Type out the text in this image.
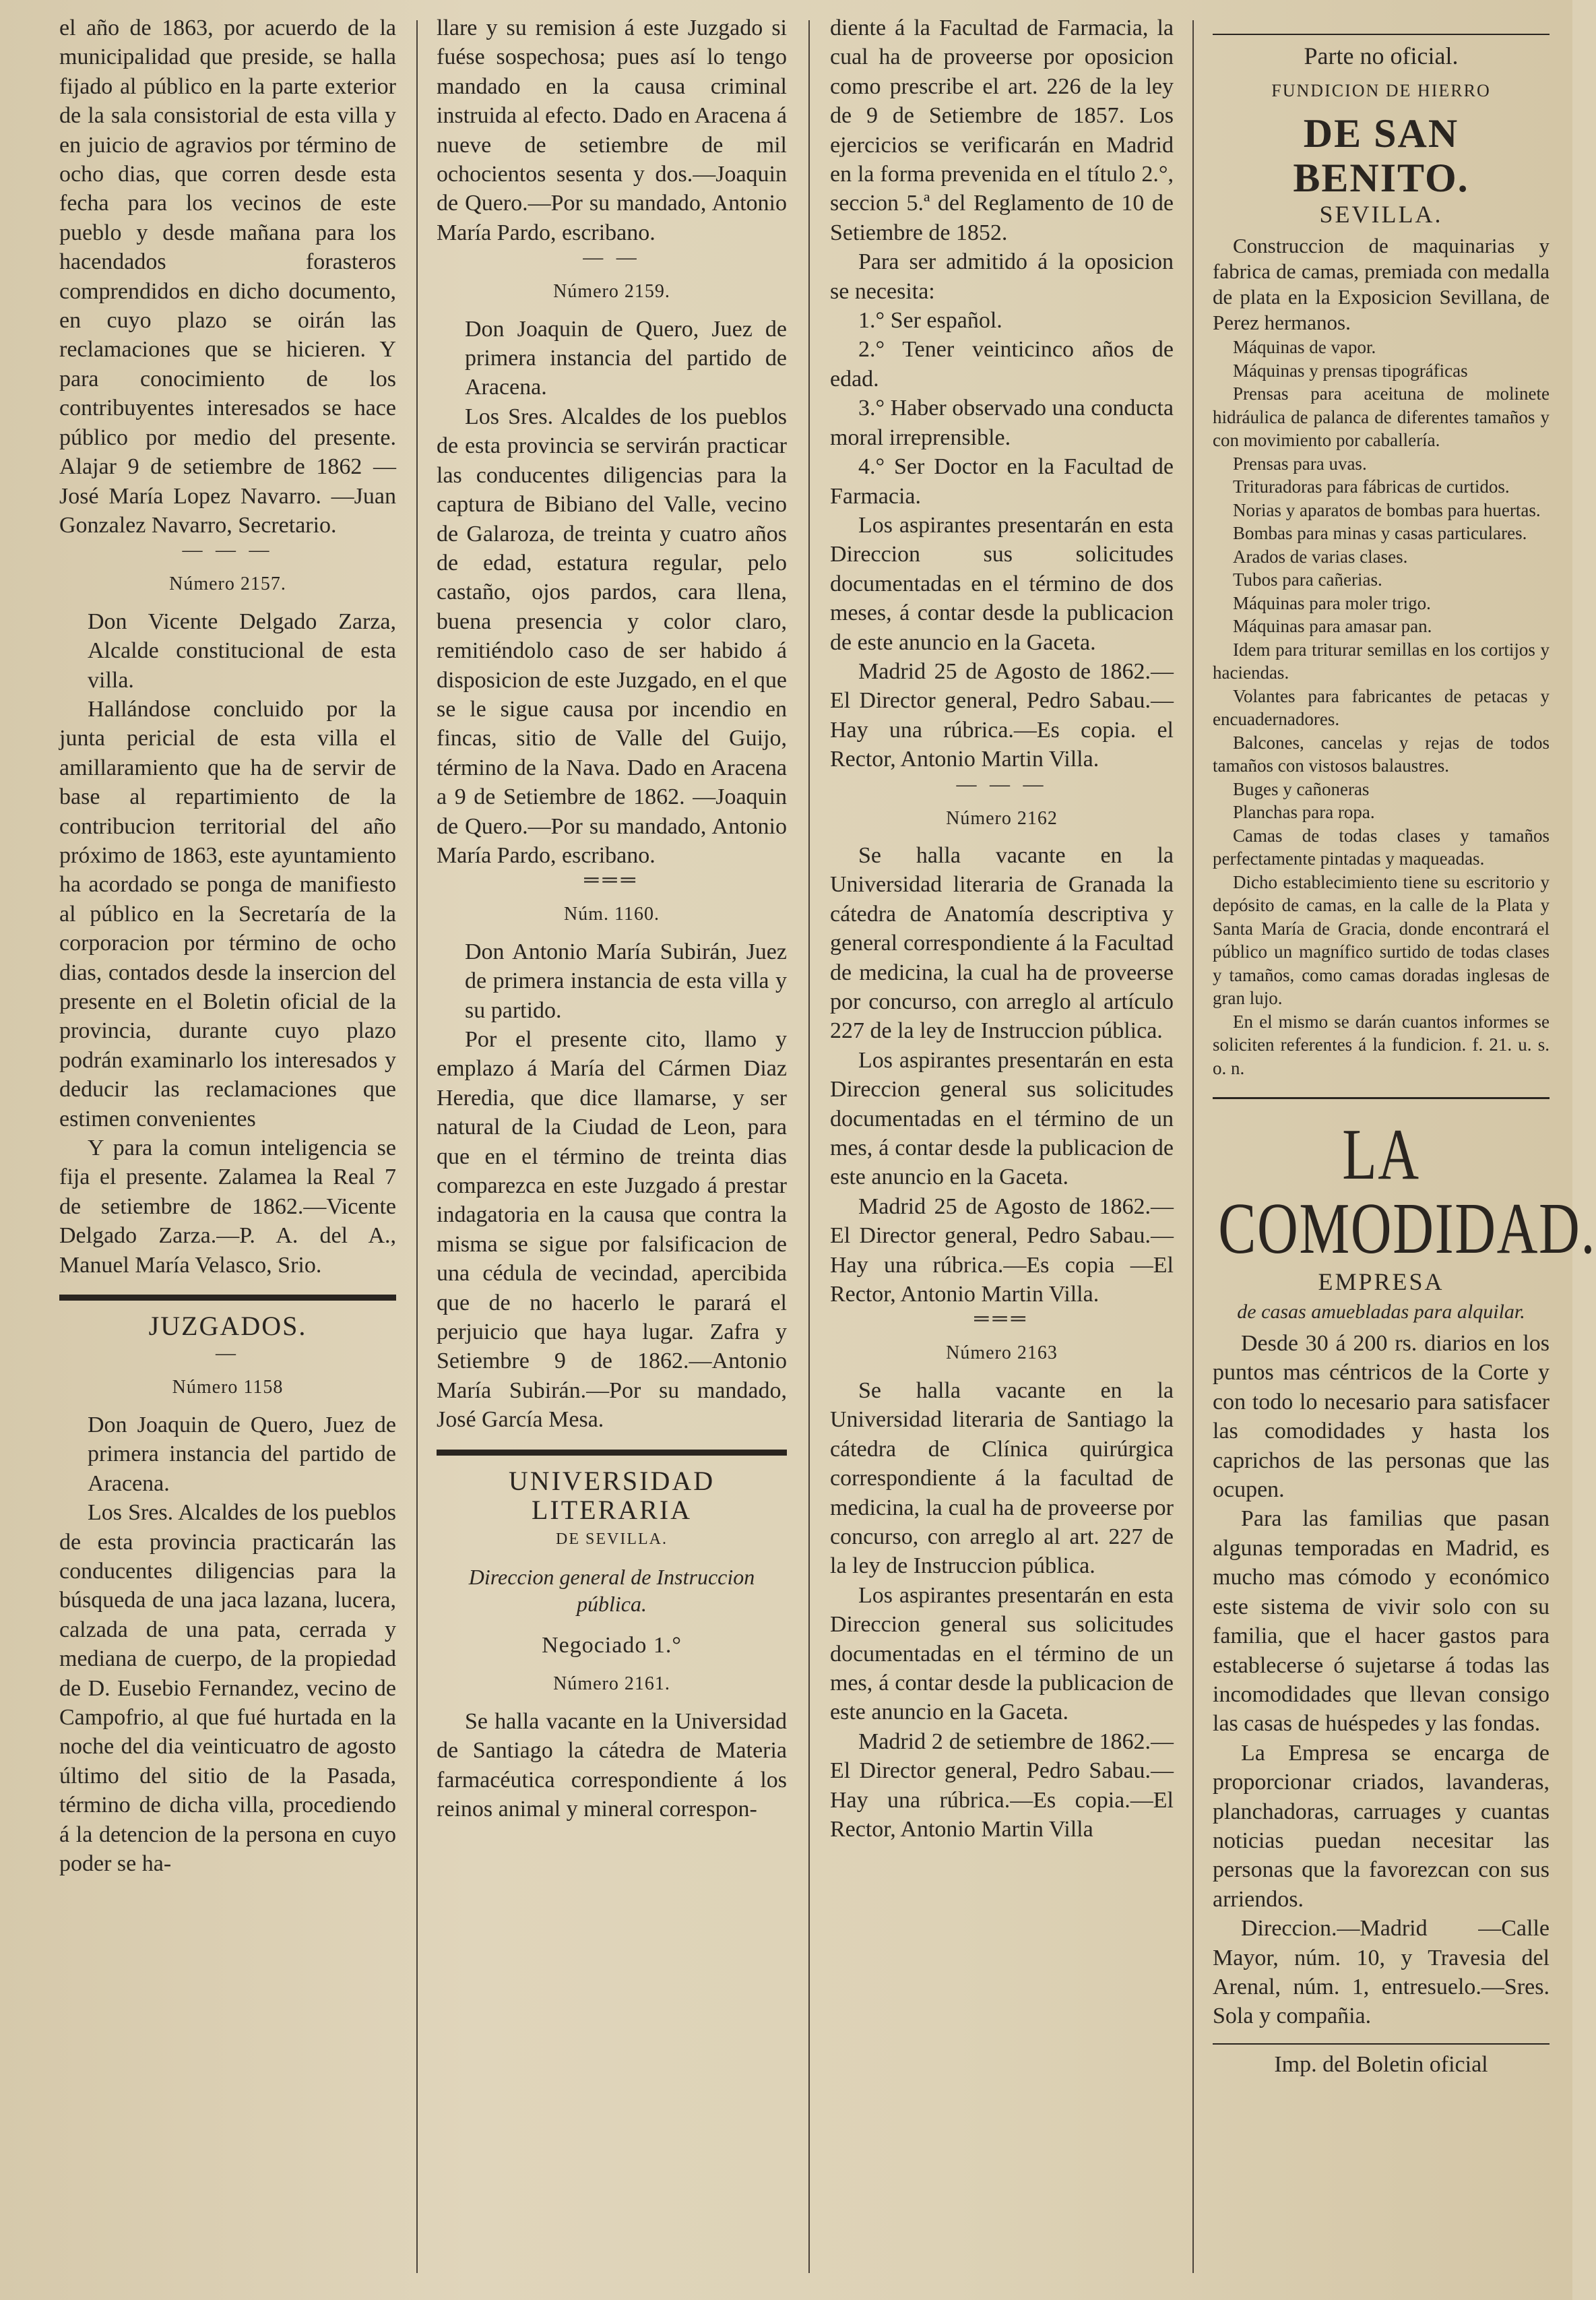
el año de 1863, por acuerdo de la municipalidad que preside, se halla fijado al público en la parte exterior de la sala consistorial de esta villa y en juicio de agravios por término de ocho dias, que corren desde esta fecha para los vecinos de este pueblo y desde mañana para los hacendados forasteros comprendidos en dicho documento, en cuyo plazo se oirán las reclamaciones que se hicieren. Y para conocimiento de los contribuyentes interesados se hace público por medio del presente. Alajar 9 de setiembre de 1862 —José María Lopez Navarro. —Juan Gonzalez Navarro, Secretario.

— — —
Número 2157.

Don Vicente Delgado Zarza, Alcalde constitucional de esta villa.

Hallándose concluido por la junta pericial de esta villa el amillaramiento que ha de servir de base al repartimiento de la contribucion territorial del año próximo de 1863, este ayuntamiento ha acordado se ponga de manifiesto al público en la Secretaría de la corporacion por término de ocho dias, contados desde la insercion del presente en el Boletin oficial de la provincia, durante cuyo plazo podrán examinarlo los interesados y deducir las reclamaciones que estimen convenientes

Y para la comun inteligencia se fija el presente. Zalamea la Real 7 de setiembre de 1862.—Vicente Delgado Zarza.—P. A. del A., Manuel María Velasco, Srio.

JUZGADOS.
—
Número 1158

Don Joaquin de Quero, Juez de primera instancia del partido de Aracena.

Los Sres. Alcaldes de los pueblos de esta provincia practicarán las conducentes diligencias para la búsqueda de una jaca lazana, lucera, calzada de una pata, cerrada y mediana de cuerpo, de la propiedad de D. Eusebio Fernandez, vecino de Campofrio, al que fué hurtada en la noche del dia veinticuatro de agosto último del sitio de la Pasada, término de dicha villa, procediendo á la detencion de la persona en cuyo poder se ha-

llare y su remision á este Juzgado si fuése sospechosa; pues así lo tengo mandado en la causa criminal instruida al efecto. Dado en Aracena á nueve de setiembre de mil ochocientos sesenta y dos.—Joaquin de Quero.—Por su mandado, Antonio María Pardo, escribano.

— —
Número 2159.

Don Joaquin de Quero, Juez de primera instancia del partido de Aracena.

Los Sres. Alcaldes de los pueblos de esta provincia se servirán practicar las conducentes diligencias para la captura de Bibiano del Valle, vecino de Galaroza, de treinta y cuatro años de edad, estatura regular, pelo castaño, ojos pardos, cara llena, buena presencia y color claro, remitiéndolo caso de ser habido á disposicion de este Juzgado, en el que se le sigue causa por incendio en fincas, sitio de Valle del Guijo, término de la Nava. Dado en Aracena a 9 de Setiembre de 1862. —Joaquin de Quero.—Por su mandado, Antonio María Pardo, escribano.

═══
Núm. 1160.

Don Antonio María Subirán, Juez de primera instancia de esta villa y su partido.

Por el presente cito, llamo y emplazo á María del Cármen Diaz Heredia, que dice llamarse, y ser natural de la Ciudad de Leon, para que en el término de treinta dias comparezca en este Juzgado á prestar indagatoria en la causa que contra la misma se sigue por falsificacion de una cédula de vecindad, apercibida que de no hacerlo le parará el perjuicio que haya lugar. Zafra y Setiembre 9 de 1862.—Antonio María Subirán.—Por su mandado, José García Mesa.

UNIVERSIDAD LITERARIA
DE SEVILLA.
Direccion general de Instruccion pública.
Negociado 1.°
Número 2161.

Se halla vacante en la Universidad de Santiago la cátedra de Materia farmacéutica correspondiente á los reinos animal y mineral correspon-

diente á la Facultad de Farmacia, la cual ha de proveerse por oposicion como prescribe el art. 226 de la ley de 9 de Setiembre de 1857. Los ejercicios se verificarán en Madrid en la forma prevenida en el título 2.°, seccion 5.ª del Reglamento de 10 de Setiembre de 1852.

Para ser admitido á la oposicion se necesita:

1.° Ser español.

2.° Tener veinticinco años de edad.

3.° Haber observado una conducta moral irreprensible.

4.° Ser Doctor en la Facultad de Farmacia.

Los aspirantes presentarán en esta Direccion sus solicitudes documentadas en el término de dos meses, á contar desde la publicacion de este anuncio en la Gaceta.

Madrid 25 de Agosto de 1862.—El Director general, Pedro Sabau.—Hay una rúbrica.—Es copia. el Rector, Antonio Martin Villa.

— — —
Número 2162

Se halla vacante en la Universidad literaria de Granada la cátedra de Anatomía descriptiva y general correspondiente á la Facultad de medicina, la cual ha de proveerse por concurso, con arreglo al artículo 227 de la ley de Instruccion pública.

Los aspirantes presentarán en esta Direccion general sus solicitudes documentadas en el término de un mes, á contar desde la publicacion de este anuncio en la Gaceta.

Madrid 25 de Agosto de 1862.—El Director general, Pedro Sabau.—Hay una rúbrica.—Es copia —El Rector, Antonio Martin Villa.

═══
Número 2163

Se halla vacante en la Universidad literaria de Santiago la cátedra de Clínica quirúrgica correspondiente á la facultad de medicina, la cual ha de proveerse por concurso, con arreglo al art. 227 de la ley de Instruccion pública.

Los aspirantes presentarán en esta Direccion general sus solicitudes documentadas en el término de un mes, á contar desde la publicacion de este anuncio en la Gaceta.

Madrid 2 de setiembre de 1862.—El Director general, Pedro Sabau.—Hay una rúbrica.—Es copia.—El Rector, Antonio Martin Villa

Parte no oficial.
FUNDICION DE HIERRO
DE SAN BENITO.
SEVILLA.

Construccion de maquinarias y fabrica de camas, premiada con medalla de plata en la Exposicion Sevillana, de Perez hermanos.

Máquinas de vapor.

Máquinas y prensas tipográficas

Prensas para aceituna de molinete hidráulica de palanca de diferentes tamaños y con movimiento por caballería.

Prensas para uvas.

Trituradoras para fábricas de curtidos.

Norias y aparatos de bombas para huertas.

Bombas para minas y casas particulares.

Arados de varias clases.

Tubos para cañerias.

Máquinas para moler trigo.

Máquinas para amasar pan.

Idem para triturar semillas en los cortijos y haciendas.

Volantes para fabricantes de petacas y encuadernadores.

Balcones, cancelas y rejas de todos tamaños con vistosos balaustres.

Buges y cañoneras

Planchas para ropa.

Camas de todas clases y tamaños perfectamente pintadas y maqueadas.

Dicho establecimiento tiene su escritorio y depósito de camas, en la calle de la Plata y Santa María de Gracia, donde encontrará el público un magnífico surtido de todas clases y tamaños, como camas doradas inglesas de gran lujo.

En el mismo se darán cuantos informes se soliciten referentes á la fundicion. f. 21. u. s. o. n.

LA COMODIDAD.
EMPRESA
de casas amuebladas para alquilar.

Desde 30 á 200 rs. diarios en los puntos mas céntricos de la Corte y con todo lo necesario para satisfacer las comodidades y hasta los caprichos de las personas que las ocupen.

Para las familias que pasan algunas temporadas en Madrid, es mucho mas cómodo y económico este sistema de vivir solo con su familia, que el hacer gastos para establecerse ó sujetarse á todas las incomodidades que llevan consigo las casas de huéspedes y las fondas.

La Empresa se encarga de proporcionar criados, lavanderas, planchadoras, carruages y cuantas noticias puedan necesitar las personas que la favorezcan con sus arriendos.

Direccion.—Madrid —Calle Mayor, núm. 10, y Travesia del Arenal, núm. 1, entresuelo.—Sres. Sola y compañia.

Imp. del Boletin oficial
